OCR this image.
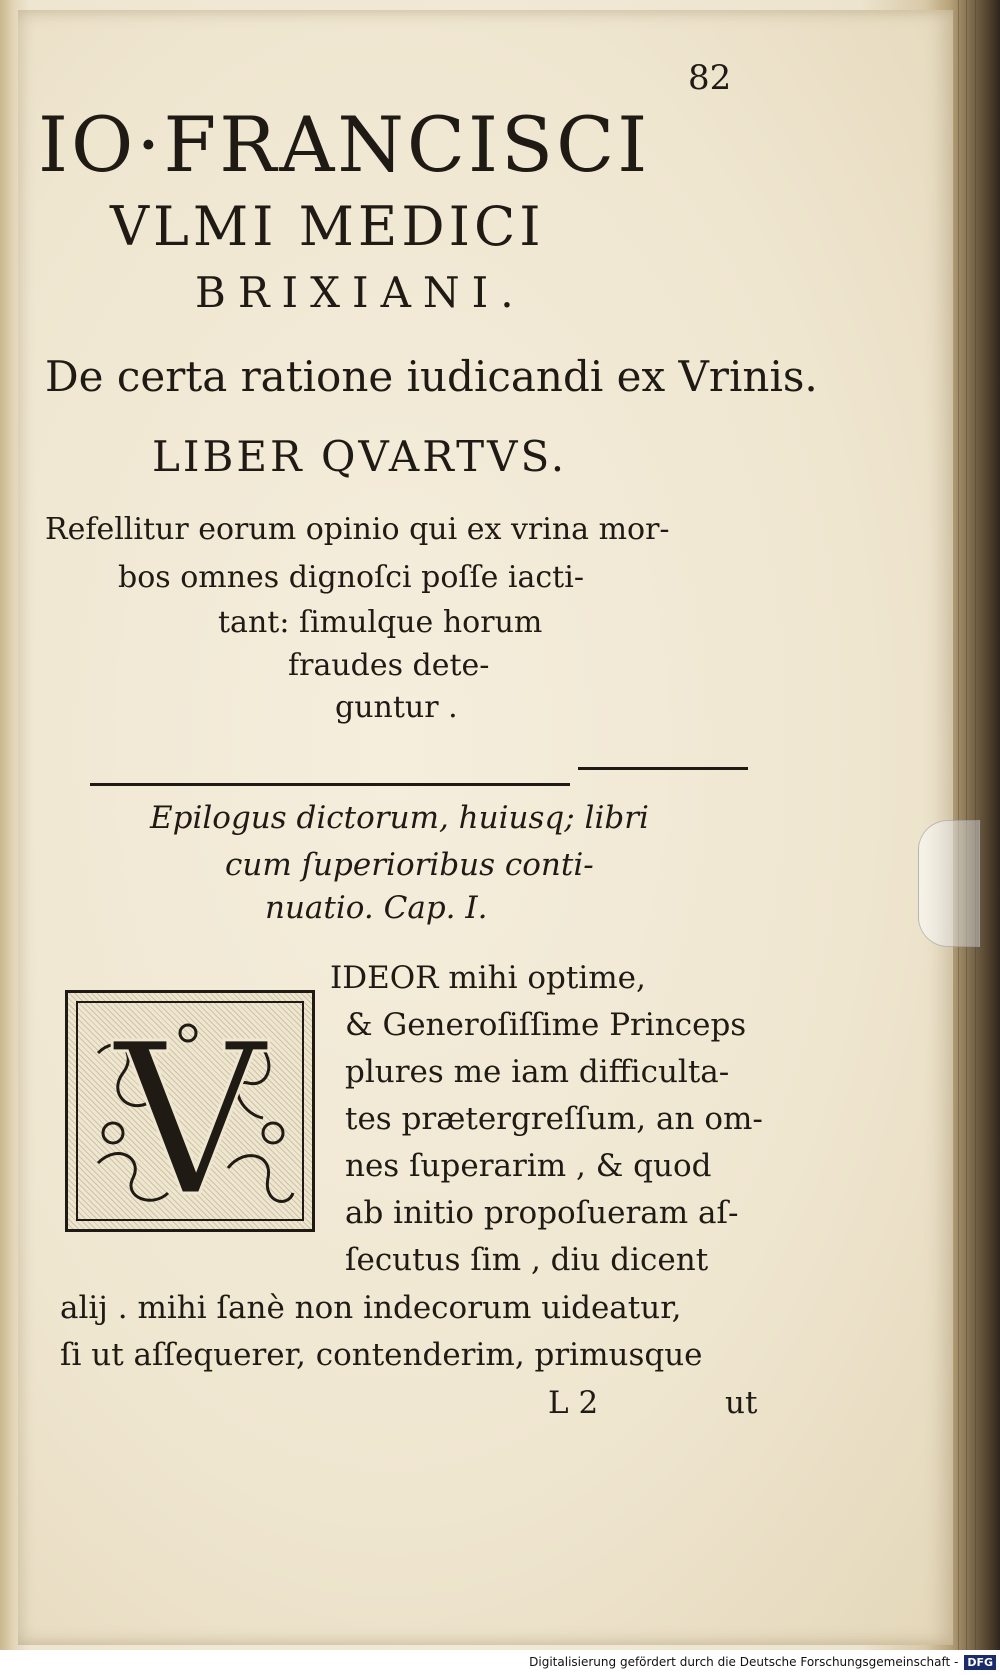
82
IO·FRANCISCI
VLMI MEDICI
BRIXIANI.
De certa ratione iudicandi ex Vrinis.
LIBER QVARTVS.
Refellitur eorum opinio qui ex vrina mor-
bos omnes dignoſci poſſe iacti-
tant: ſimulque horum
fraudes dete-
guntur .
Epilogus dictorum, huiusq; libri
cum ſuperioribus conti-
nuatio. Cap. I.
V
IDEOR mihi optime,
& Generoſiſſime Princeps
plures me iam difficulta-
tes prætergreſſum, an om-
nes ſuperarim , & quod
ab initio propoſueram aſ-
ſecutus ſim , diu dicent
alij . mihi ſanè non indecorum uideatur,
ſi ut aſſequerer, contenderim, primusque
L 2	ut
Digitalisierung gefördert durch die Deutsche Forschungsgemeinschaft - DFG
